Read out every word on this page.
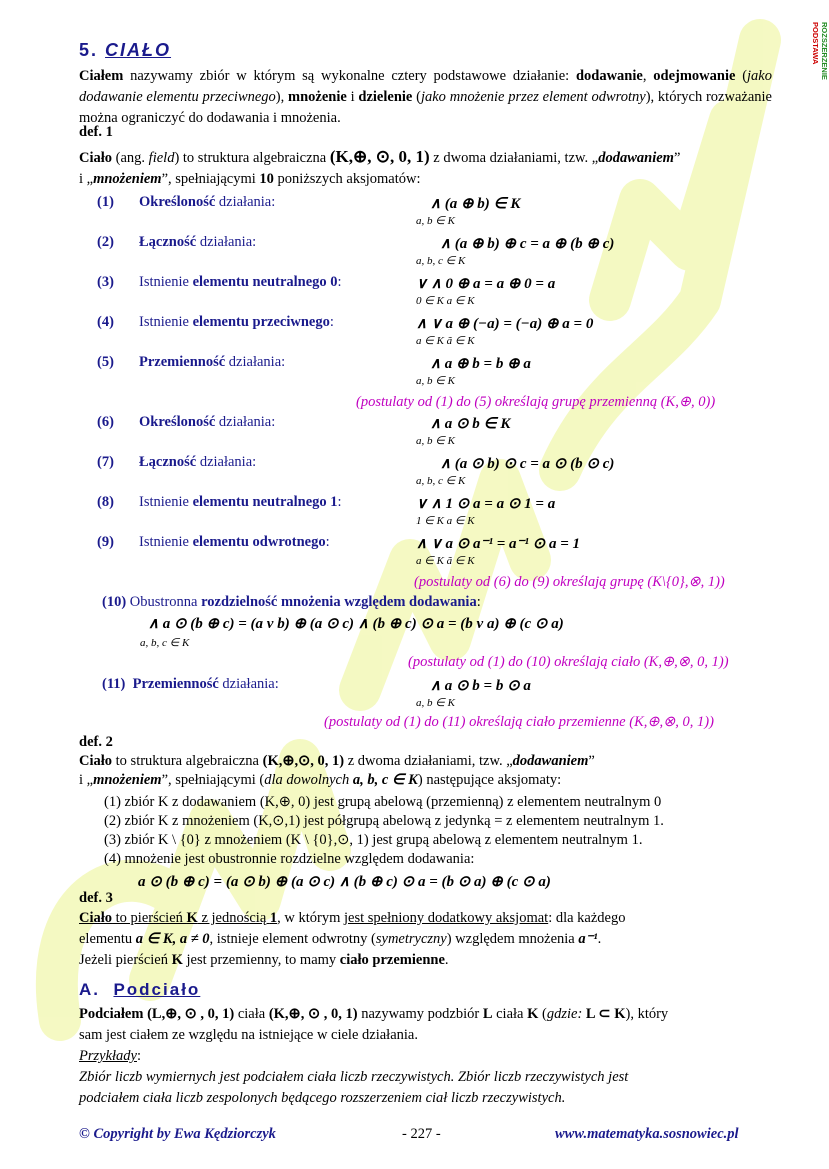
PODSTAWA ROZSZERZENIE
5. CIAŁO
Ciałem nazywamy zbiór w którym są wykonalne cztery podstawowe działanie: dodawanie, odejmowanie (jako dodawanie elementu przeciwnego), mnożenie i dzielenie (jako mnożenie przez element odwrotny), których rozważanie można ograniczyć do dodawania i mnożenia.
def. 1
Ciało (ang. field) to struktura algebraiczna (K,⊕, ⊙, 0, 1) z dwoma działaniami, tzw. „dodawaniem”
i „mnożeniem”, spełniającymi 10 poniższych aksjomatów:
(1) Określoność działania:	∧ (a ⊕ b) ∈ K
a, b ∈ K
(2) Łączność działania:	∧ (a ⊕ b) ⊕ c = a ⊕ (b ⊕ c)
a, b, c ∈ K
(3) Istnienie elementu neutralnego 0:	∨ ∧ 0 ⊕ a = a ⊕ 0 = a
0 ∈ K a ∈ K
(4) Istnienie elementu przeciwnego:	∧ ∨ a ⊕ (−a) = (−a) ⊕ a = 0
a ∈ K ã ∈ K
(5) Przemienność działania:	∧ a ⊕ b = b ⊕ a
a, b ∈ K
(6) Określoność działania:	∧ a ⊙ b ∈ K
a, b ∈ K
(7) Łączność działania:	∧ (a ⊙ b) ⊙ c = a ⊙ (b ⊙ c)
a, b, c ∈ K
(8) Istnienie elementu neutralnego 1:	∨ ∧ 1 ⊙ a = a ⊙ 1 = a
1 ∈ K a ∈ K
(9) Istnienie elementu odwrotnego:	∧ ∨ a ⊙ a⁻¹ = a⁻¹ ⊙ a = 1
a ∈ K ã ∈ K
(postulaty od (1) do (5) określają grupę przemienną (K,⊕, 0))
(postulaty od (6) do (9) określają grupę (K\{0},⊗, 1))
(10) Obustronna rozdzielność mnożenia względem dodawania:
∧ a ⊙ (b ⊕ c) = (a v b) ⊕ (a ⊙ c) ∧ (b ⊕ c) ⊙ a = (b v a) ⊕ (c ⊙ a)
a, b, c ∈ K
(postulaty od (1) do (10) określają ciało (K,⊕,⊗, 0, 1))
(11) Przemienność działania:	∧ a ⊙ b = b ⊙ a
a, b ∈ K
(postulaty od (1) do (11) określają ciało przemienne (K,⊕,⊗, 0, 1))
def. 2
Ciało to struktura algebraiczna (K,⊕,⊙, 0, 1) z dwoma działaniami, tzw. „dodawaniem”
i „mnożeniem”, spełniającymi (dla dowolnych a, b, c ∈ K) następujące aksjomaty:
(1) zbiór K z dodawaniem (K,⊕, 0) jest grupą abelową (przemienną) z elementem neutralnym 0
(2) zbiór K z mnożeniem (K,⊙,1) jest półgrupą abelową z jedynką = z elementem neutralnym 1.
(3) zbiór K \ {0} z mnożeniem (K \ {0},⊙, 1) jest grupą abelową z elementem neutralnym 1.
(4) mnożenie jest obustronnie rozdzielne względem dodawania:
a ⊙ (b ⊕ c) = (a ⊙ b) ⊕ (a ⊙ c) ∧ (b ⊕ c) ⊙ a = (b ⊙ a) ⊕ (c ⊙ a)
def. 3
Ciało to pierścień K z jednością 1, w którym jest spełniony dodatkowy aksjomat: dla każdego
elementu a ∈ K, a ≠ 0, istnieje element odwrotny (symetryczny) względem mnożenia a⁻¹.
Jeżeli pierścień K jest przemienny, to mamy ciało przemienne.
A. Podciało
Podciałem (L,⊕, ⊙ , 0, 1) ciała (K,⊕, ⊙ , 0, 1) nazywamy podzbiór L ciała K (gdzie: L ⊂ K), który
sam jest ciałem ze względu na istniejące w ciele działania.
Przykłady:
Zbiór liczb wymiernych jest podciałem ciała liczb rzeczywistych. Zbiór liczb rzeczywistych jest
podciałem ciała liczb zespolonych będącego rozszerzeniem ciał liczb rzeczywistych.
© Copyright by Ewa Kędziorczyk	- 227 -	www.matematyka.sosnowiec.pl
